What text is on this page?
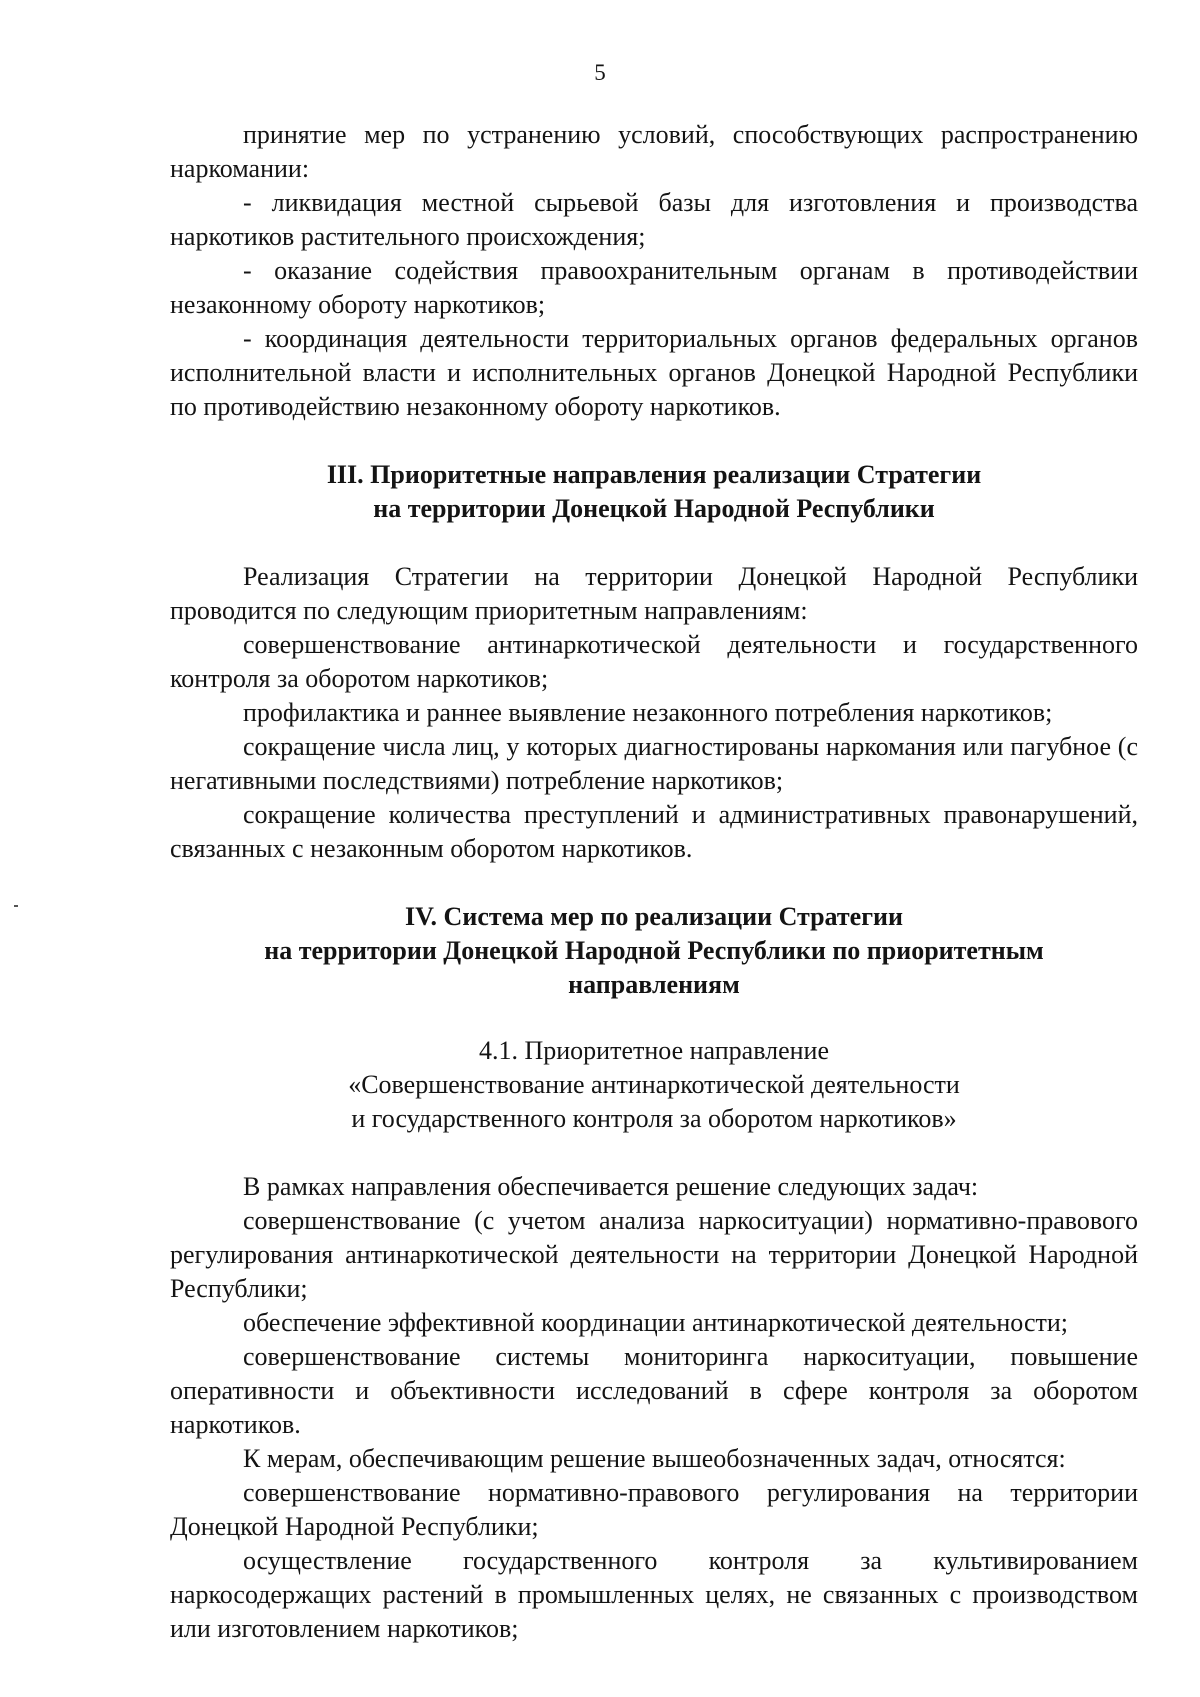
5

принятие мер по устранению условий, способствующих распространению наркомании:

- ликвидация местной сырьевой базы для изготовления и производства наркотиков растительного происхождения;

- оказание содействия правоохранительным органам в противодействии незаконному обороту наркотиков;

- координация деятельности территориальных органов федеральных органов исполнительной власти и исполнительных органов Донецкой Народной Республики по противодействию незаконному обороту наркотиков.

III. Приоритетные направления реализации Стратегии
на территории Донецкой Народной Республики

Реализация Стратегии на территории Донецкой Народной Республики проводится по следующим приоритетным направлениям:

совершенствование антинаркотической деятельности и государственного контроля за оборотом наркотиков;

профилактика и раннее выявление незаконного потребления наркотиков;

сокращение числа лиц, у которых диагностированы наркомания или пагубное (с негативными последствиями) потребление наркотиков;

сокращение количества преступлений и административных правонарушений, связанных с незаконным оборотом наркотиков.

IV. Система мер по реализации Стратегии
на территории Донецкой Народной Республики по приоритетным
направлениям
4.1. Приоритетное направление
«Совершенствование антинаркотической деятельности
и государственного контроля за оборотом наркотиков»

В рамках направления обеспечивается решение следующих задач:

совершенствование (с учетом анализа наркоситуации) нормативно-правового регулирования антинаркотической деятельности на территории Донецкой Народной Республики;

обеспечение эффективной координации антинаркотической деятельности;

совершенствование системы мониторинга наркоситуации, повышение оперативности и объективности исследований в сфере контроля за оборотом наркотиков.

К мерам, обеспечивающим решение вышеобозначенных задач, относятся:

совершенствование нормативно-правового регулирования на территории Донецкой Народной Республики;

осуществление государственного контроля за культивированием наркосодержащих растений в промышленных целях, не связанных с производством или изготовлением наркотиков;
